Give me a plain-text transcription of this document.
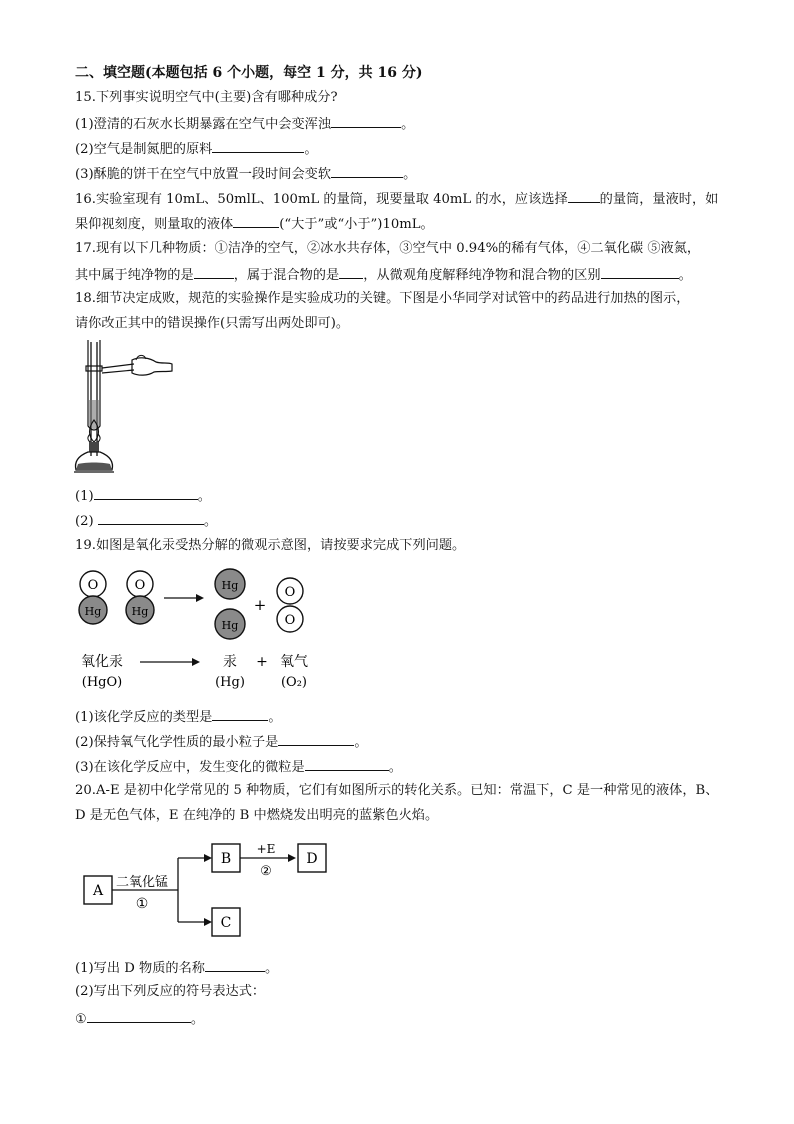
二、填空题(本题包括 6 个小题，每空 1 分，共 16 分)
15.下列事实说明空气中(主要)含有哪种成分?
(1)澄清的石灰水长期暴露在空气中会变浑浊	。
(2)空气是制氮肥的原料	。
(3)酥脆的饼干在空气中放置一段时间会变软	。
16.实验室现有 10mL、50mlL、100mL 的量筒，现要量取 40mL 的水，应该选择 的量筒，量液时，如
果仰视刻度，则量取的液体	(“大于”或“小于”)10mL。
17.现有以下几种物质：①洁净的空气，②冰水共存体，③空气中 0.94%的稀有气体，④二氧化碳 ⑤液氮，
其中属于纯净物的是	，属于混合物的是 ，从微观角度解释纯净物和混合物的区别	。
18.细节决定成败，规范的实验操作是实验成功的关键。下图是小华同学对试管中的药品进行加热的图示，
请你改正其中的错误操作(只需写出两处即可)。
(1)	。
(2)	。
19.如图是氧化汞受热分解的微观示意图，请按要求完成下列问题。
O
Hg
O
Hg
Hg
Hg
+
O
O
氧化汞	汞 + 氧气
(HgO)	(Hg)	(O₂)
(1)该化学反应的类型是	。
(2)保持氧气化学性质的最小粒子是	。
(3)在该化学反应中，发生变化的微粒是	。
20.A-E 是初中化学常见的 5 种物质，它们有如图所示的转化关系。已知：常温下，C 是一种常见的液体，B、
D 是无色气体，E 在纯净的 B 中燃烧发出明亮的蓝紫色火焰。
A
二氧化锰
①
B
C
+E
②
D
(1)写出 D 物质的名称	。
(2)写出下列反应的符号表达式：
①	。
